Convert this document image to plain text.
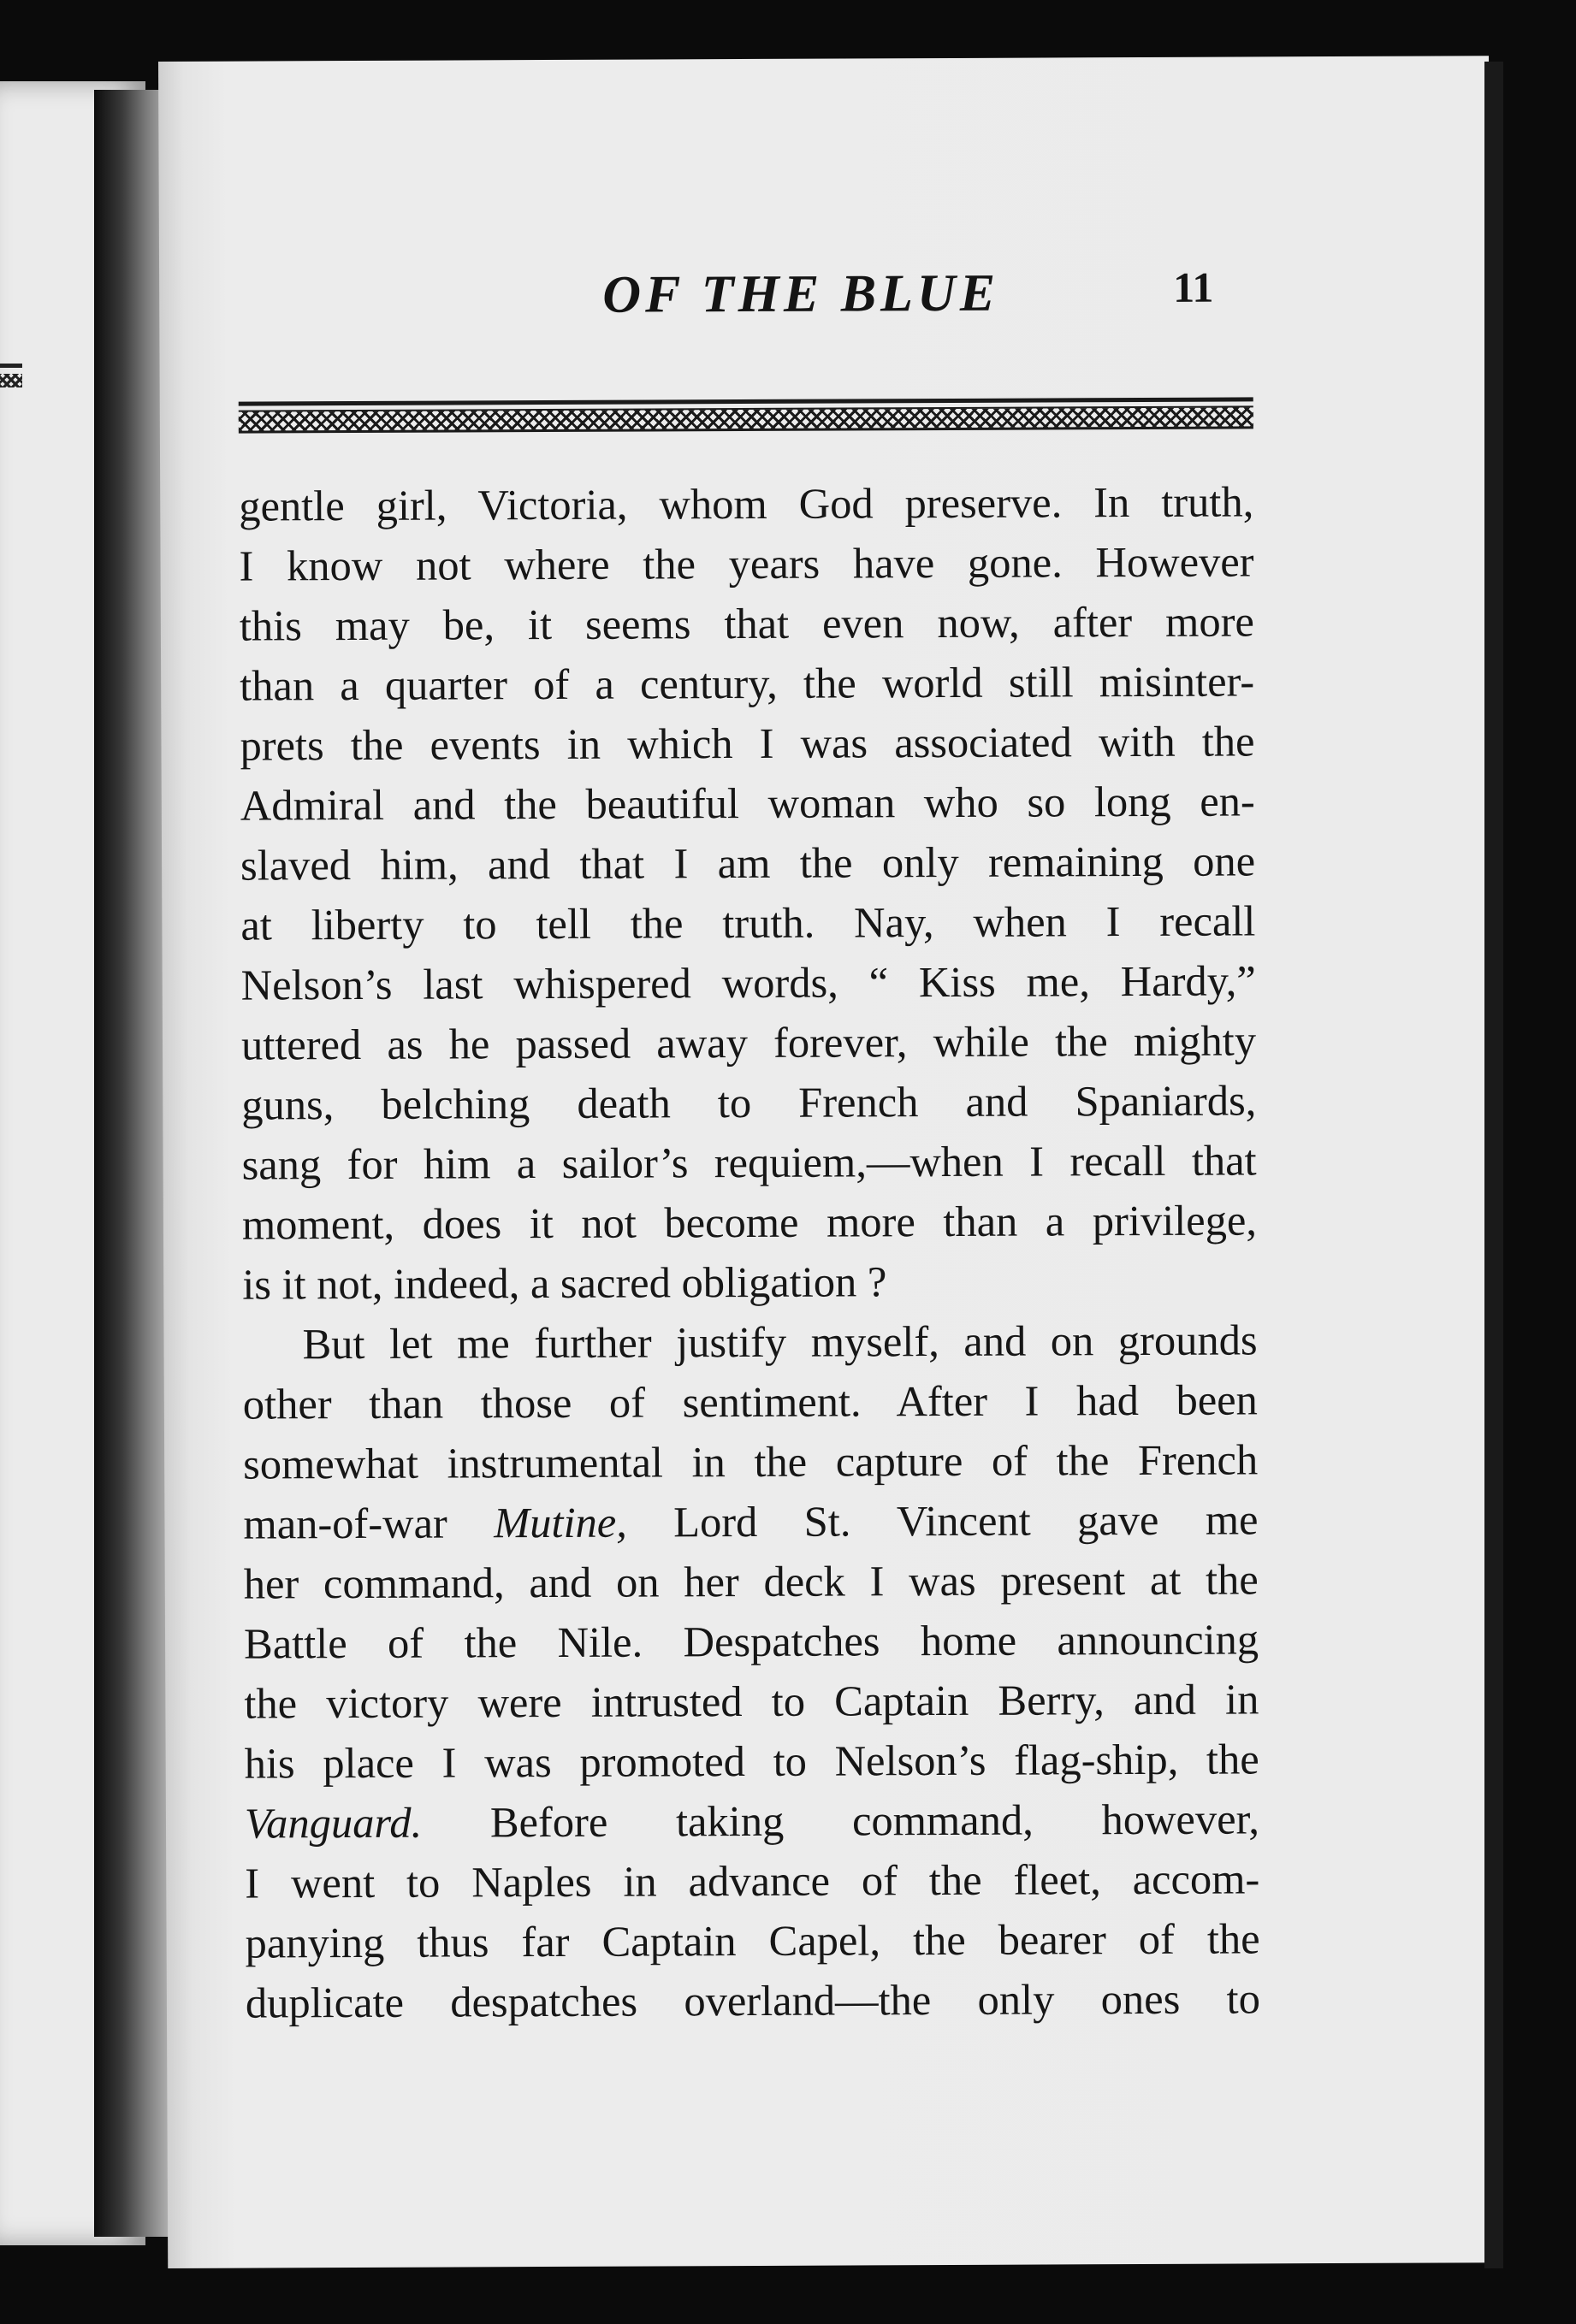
OF THE BLUE	11
gentle girl, Victoria, whom God preserve. In truth,
I know not where the years have gone. However
this may be, it seems that even now, after more
than a quarter of a century, the world still misinter-
prets the events in which I was associated with the
Admiral and the beautiful woman who so long en-
slaved him, and that I am the only remaining one
at liberty to tell the truth. Nay, when I recall
Nelson’s last whispered words, “ Kiss me, Hardy,”
uttered as he passed away forever, while the mighty
guns, belching death to French and Spaniards,
sang for him a sailor’s requiem,—when I recall that
moment, does it not become more than a privilege,
is it not, indeed, a sacred obligation ?
But let me further justify myself, and on grounds
other than those of sentiment. After I had been
somewhat instrumental in the capture of the French
man-of-war Mutine, Lord St. Vincent gave me
her command, and on her deck I was present at the
Battle of the Nile. Despatches home announcing
the victory were intrusted to Captain Berry, and in
his place I was promoted to Nelson’s flag-ship, the
Vanguard. Before taking command, however,
I went to Naples in advance of the fleet, accom-
panying thus far Captain Capel, the bearer of the
duplicate despatches overland—the only ones to
